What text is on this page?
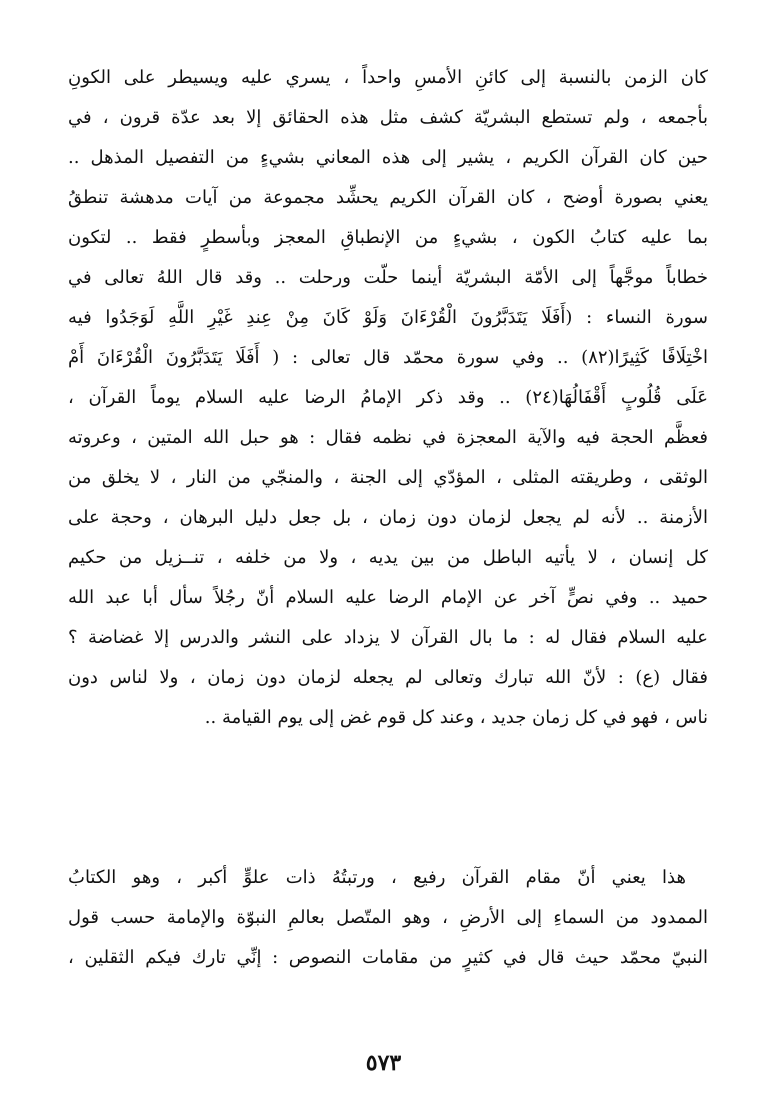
كان الزمن بالنسبة إلى كائنِ الأمسِ واحداً ، يسري عليه ويسيطر على الكونِ
بأجمعه ، ولم تستطع البشريّة كشف مثل هذه الحقائق إلا بعد عدّة قرون ، في
حين كان القرآن الكريم ، يشير إلى هذه المعاني بشيءٍ من التفصيل المذهل ..
يعني بصورة أوضح ، كان القرآن الكريم يحشِّد مجموعة من آيات مدهشة تنطقُ
بما عليه كتابُ الكون ، بشيءٍ من الإنطباقِ المعجز وبأسطرٍ فقط .. لتكون
خطاباً موجَّهاً إلى الأمّة البشريّة أينما حلّت ورحلت .. وقد قال اللهُ تعالى في
سورة النساء : (أَفَلَا يَتَدَبَّرُونَ الْقُرْءَانَ وَلَوْ كَانَ مِنْ عِندِ غَيْرِ اللَّهِ لَوَجَدُوا فيه
اخْتِلَافًا كَثِيرًا(٨٢) .. وفي سورة محمّد قال تعالى : ( أَفَلَا يَتَدَبَّرُونَ الْقُرْءَانَ أَمْ
عَلَى قُلُوبٍ أَقْفَالُهَا(٢٤) .. وقد ذكر الإمامُ الرضا عليه السلام يوماً القرآن ،
فعظَّم الحجة فيه والآية المعجزة في نظمه فقال : هو حبل الله المتين ، وعروته
الوثقى ، وطريقته المثلى ، المؤدّي إلى الجنة ، والمنجّي من النار ، لا يخلق من
الأزمنة .. لأنه لم يجعل لزمان دون زمان ، بل جعل دليل البرهان ، وحجة على
كل إنسان ، لا يأتيه الباطل من بين يديه ، ولا من خلفه ، تنــزيل من حكيم
حميد .. وفي نصٍّ آخر عن الإمام الرضا عليه السلام أنّ رجُلاً سأل أبا عبد الله
عليه السلام فقال له : ما بال القرآن لا يزداد على النشر والدرس إلا غضاضة ؟
فقال (ع) : لأنّ الله تبارك وتعالى لم يجعله لزمان دون زمان ، ولا لناس دون
ناس ، فهو في كل زمان جديد ، وعند كل قوم غض إلى يوم القيامة ..
هذا يعني أنّ مقام القرآن رفيع ، ورتبتُهُ ذات علوٍّ أكبر ، وهو الكتابُ
الممدود من السماءِ إلى الأرضِ ، وهو المتّصل بعالمِ النبوّة والإمامة حسب قول
النبيّ محمّد حيث قال في كثيرٍ من مقامات النصوص : إنِّي تارك فيكم الثقلين ،
٥٧٣
